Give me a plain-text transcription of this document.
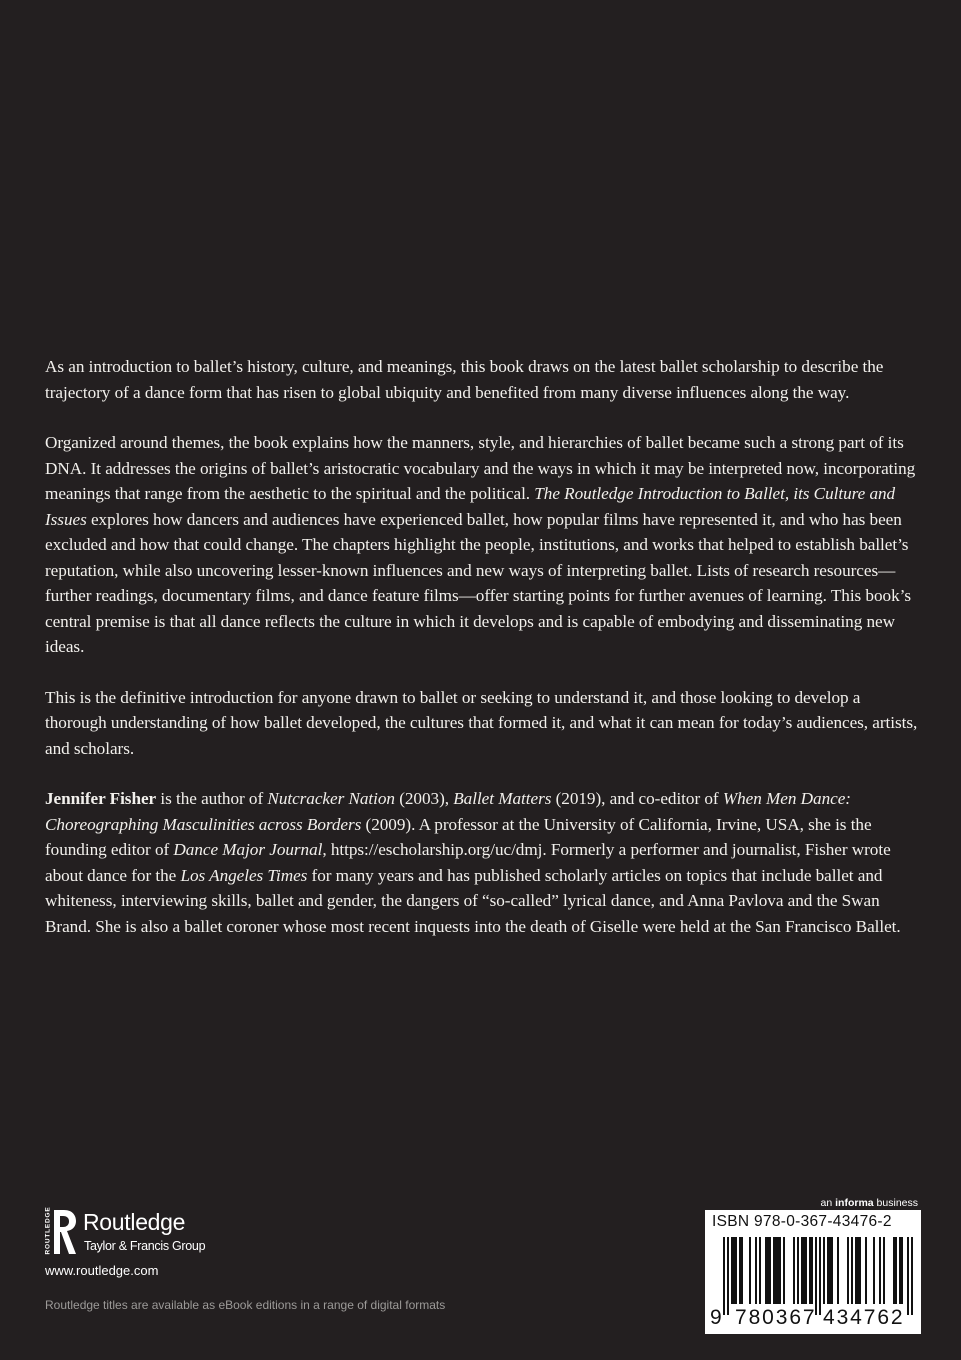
As an introduction to ballet’s history, culture, and meanings, this book draws on the latest ballet scholarship to describe the trajectory of a dance form that has risen to global ubiquity and benefited from many diverse influences along the way.

Organized around themes, the book explains how the manners, style, and hierarchies of ballet became such a strong part of its DNA. It addresses the origins of ballet’s aristocratic vocabulary and the ways in which it may be interpreted now, incorporating meanings that range from the aesthetic to the spiritual and the political. The Routledge Introduction to Ballet, its Culture and Issues explores how dancers and audiences have experienced ballet, how popular films have represented it, and who has been excluded and how that could change. The chapters highlight the people, institutions, and works that helped to establish ballet’s reputation, while also uncovering lesser-known influences and new ways of interpreting ballet. Lists of research resources—further readings, documentary films, and dance feature films—offer starting points for further avenues of learning. This book’s central premise is that all dance reflects the culture in which it develops and is capable of embodying and disseminating new ideas.

This is the definitive introduction for anyone drawn to ballet or seeking to understand it, and those looking to develop a thorough understanding of how ballet developed, the cultures that formed it, and what it can mean for today’s audiences, artists, and scholars.

Jennifer Fisher is the author of Nutcracker Nation (2003), Ballet Matters (2019), and co-editor of When Men Dance: Choreographing Masculinities across Borders (2009). A professor at the University of California, Irvine, USA, she is the founding editor of Dance Major Journal, https://escholarship.org/uc/dmj. Formerly a performer and journalist, Fisher wrote about dance for the Los Angeles Times for many years and has published scholarly articles on topics that include ballet and whiteness, interviewing skills, ballet and gender, the dangers of “so-called” lyrical dance, and Anna Pavlova and the Swan Brand. She is also a ballet coroner whose most recent inquests into the death of Giselle were held at the San Francisco Ballet.

ROUTLEDGE Routledge
Taylor & Francis Group
www.routledge.com
Routledge titles are available as eBook editions in a range of digital formats
an informa business
ISBN 978-0-367-43476-2
9 780367 434762
